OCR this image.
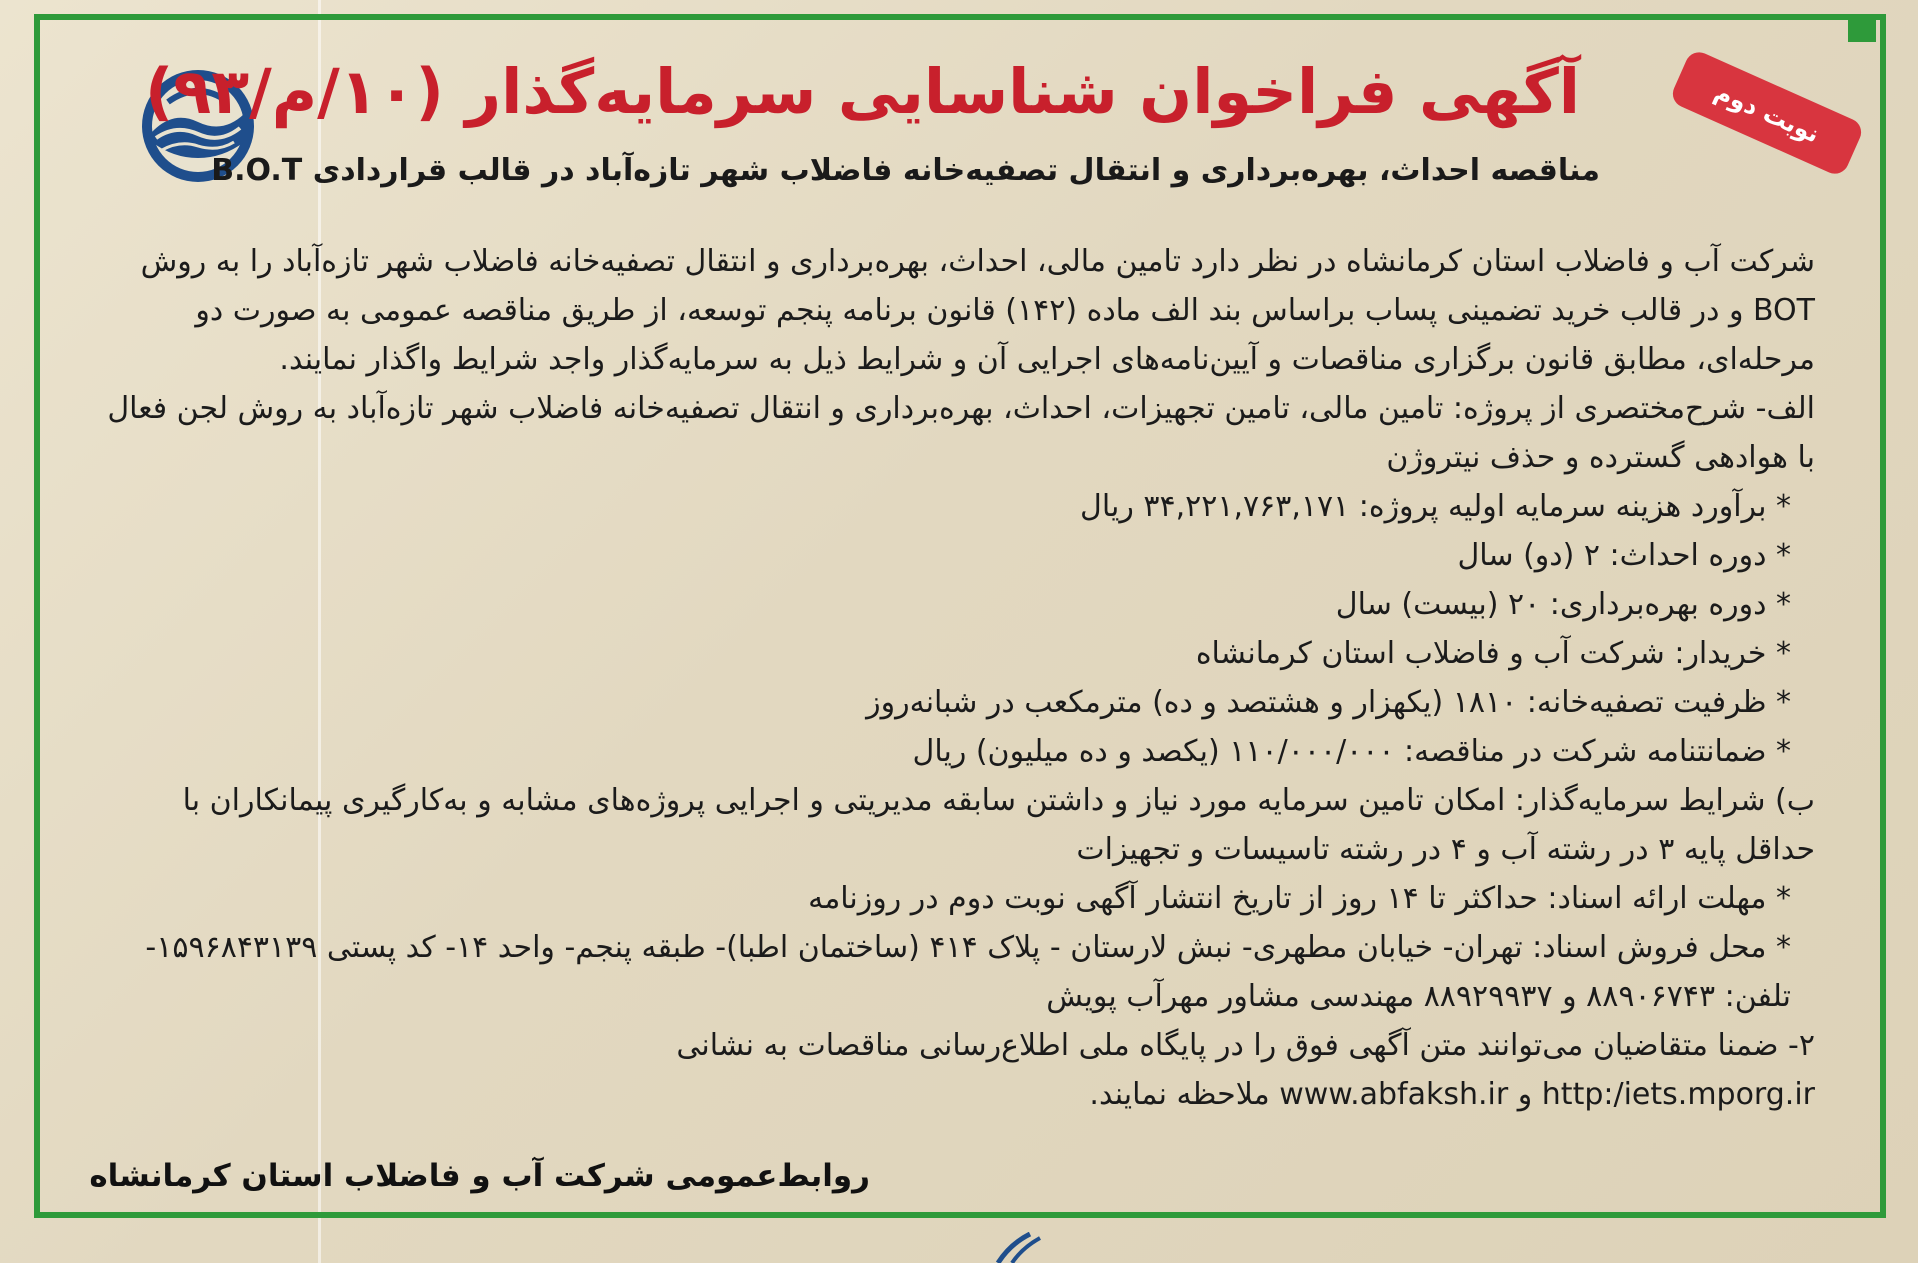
نوبت دوم
آگهی فراخوان شناسایی سرمایه‌گذار (۱۰/م/۹۳)
مناقصه احداث، بهره‌برداری و انتقال تصفیه‌خانه فاضلاب شهر تازه‌آباد در قالب قراردادی B.O.T

شرکت آب و فاضلاب استان کرمانشاه در نظر دارد تامین مالی، احداث، بهره‌برداری و انتقال تصفیه‌خانه فاضلاب شهر تازه‌آباد را به روش BOT و در قالب خرید تضمینی پساب براساس بند الف ماده (۱۴۲) قانون برنامه پنجم توسعه، از طریق مناقصه عمومی به صورت دو مرحله‌ای، مطابق قانون برگزاری مناقصات و آیین‌نامه‌های اجرایی آن و شرایط ذیل به سرمایه‌گذار واجد شرایط واگذار نمایند.

الف- شرح‌مختصری از پروژه: تامین مالی، تامین تجهیزات، احداث، بهره‌برداری و انتقال تصفیه‌خانه فاضلاب شهر تازه‌آباد به روش لجن فعال با هوادهی گسترده و حذف نیتروژن

* برآورد هزینه سرمایه اولیه پروژه: ۳۴,۲۲۱,۷۶۳,۱۷۱ ریال

* دوره احداث: ۲ (دو) سال

* دوره بهره‌برداری: ۲۰ (بیست) سال

* خریدار: شرکت آب و فاضلاب استان کرمانشاه

* ظرفیت تصفیه‌خانه: ۱۸۱۰ (یکهزار و هشتصد و ده) مترمکعب در شبانه‌روز

* ضمانتنامه شرکت در مناقصه: ۱۱۰/۰۰۰/۰۰۰ (یکصد و ده میلیون) ریال

ب) شرایط سرمایه‌گذار: امکان تامین سرمایه مورد نیاز و داشتن سابقه مدیریتی و اجرایی پروژه‌های مشابه و به‌کارگیری پیمانکاران با حداقل پایه ۳ در رشته آب و ۴ در رشته تاسیسات و تجهیزات

* مهلت ارائه اسناد: حداکثر تا ۱۴ روز از تاریخ انتشار آگهی نوبت دوم در روزنامه

* محل فروش اسناد: تهران- خیابان مطهری- نبش لارستان - پلاک ۴۱۴ (ساختمان اطبا)- طبقه پنجم- واحد ۱۴- کد پستی ۱۵۹۶۸۴۳۱۳۹- تلفن: ۸۸۹۰۶۷۴۳ و ۸۸۹۲۹۹۳۷ مهندسی مشاور مهرآب پویش

۲- ضمنا متقاضیان می‌توانند متن آگهی فوق را در پایگاه ملی اطلاع‌رسانی مناقصات به نشانی

http:/iets.mporg.ir و www.abfaksh.ir ملاحظه نمایند.

روابط‌عمومی شرکت آب و فاضلاب استان کرمانشاه
